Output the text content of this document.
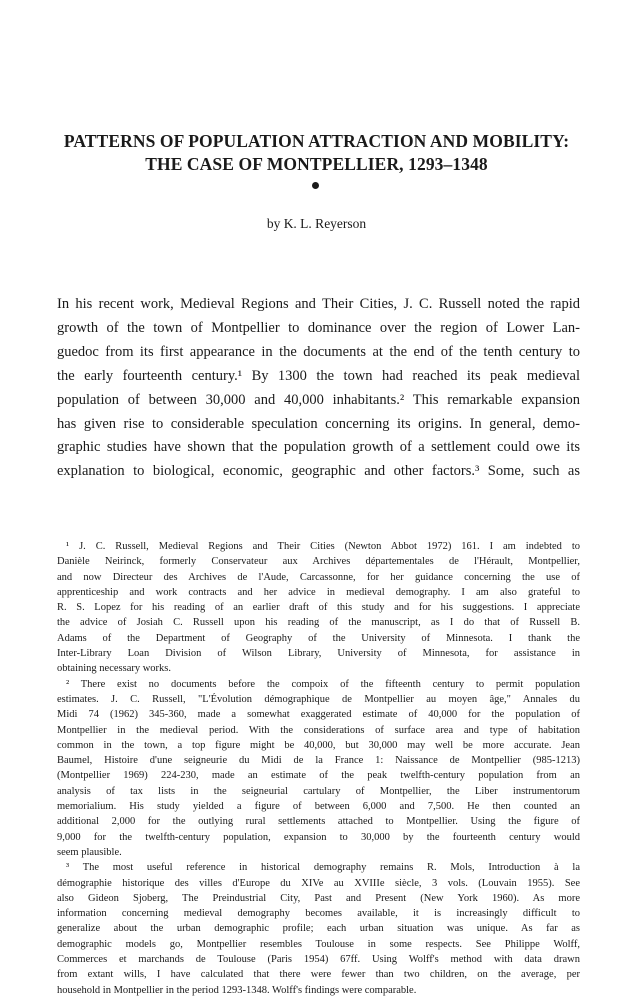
PATTERNS OF POPULATION ATTRACTION AND MOBILITY:
THE CASE OF MONTPELLIER, 1293–1348
by K. L. Reyerson
In his recent work, Medieval Regions and Their Cities, J. C. Russell noted the rapid
growth of the town of Montpellier to dominance over the region of Lower Lan-
guedoc from its first appearance in the documents at the end of the tenth century to
the early fourteenth century.¹ By 1300 the town had reached its peak medieval
population of between 30,000 and 40,000 inhabitants.² This remarkable expansion
has given rise to considerable speculation concerning its origins. In general, demo-
graphic studies have shown that the population growth of a settlement could owe its
explanation to biological, economic, geographic and other factors.³ Some, such as
¹ J. C. Russell, Medieval Regions and Their Cities (Newton Abbot 1972) 161. I am indebted to
Danièle Neirinck, formerly Conservateur aux Archives départementales de l'Hérault, Montpellier,
and now Directeur des Archives de l'Aude, Carcassonne, for her guidance concerning the use of
apprenticeship and work contracts and her advice in medieval demography. I am also grateful to
R. S. Lopez for his reading of an earlier draft of this study and for his suggestions. I appreciate
the advice of Josiah C. Russell upon his reading of the manuscript, as I do that of Russell B.
Adams of the Department of Geography of the University of Minnesota. I thank the
Inter-Library Loan Division of Wilson Library, University of Minnesota, for assistance in
obtaining necessary works.
² There exist no documents before the compoix of the fifteenth century to permit population
estimates. J. C. Russell, "L'Évolution démographique de Montpellier au moyen âge," Annales du
Midi 74 (1962) 345-360, made a somewhat exaggerated estimate of 40,000 for the population of
Montpellier in the medieval period. With the considerations of surface area and type of habitation
common in the town, a top figure might be 40,000, but 30,000 may well be more accurate. Jean
Baumel, Histoire d'une seigneurie du Midi de la France 1: Naissance de Montpellier (985-1213)
(Montpellier 1969) 224-230, made an estimate of the peak twelfth-century population from an
analysis of tax lists in the seigneurial cartulary of Montpellier, the Liber instrumentorum
memorialium. His study yielded a figure of between 6,000 and 7,500. He then counted an
additional 2,000 for the outlying rural settlements attached to Montpellier. Using the figure of
9,000 for the twelfth-century population, expansion to 30,000 by the fourteenth century would
seem plausible.
³ The most useful reference in historical demography remains R. Mols, Introduction à la
démographie historique des villes d'Europe du XIVe au XVIIIe siècle, 3 vols. (Louvain 1955). See
also Gideon Sjoberg, The Preindustrial City, Past and Present (New York 1960). As more
information concerning medieval demography becomes available, it is increasingly difficult to
generalize about the urban demographic profile; each urban situation was unique. As far as
demographic models go, Montpellier resembles Toulouse in some respects. See Philippe Wolff,
Commerces et marchands de Toulouse (Paris 1954) 67ff. Using Wolff's method with data drawn
from extant wills, I have calculated that there were fewer than two children, on the average, per
household in Montpellier in the period 1293-1348. Wolff's findings were comparable.
